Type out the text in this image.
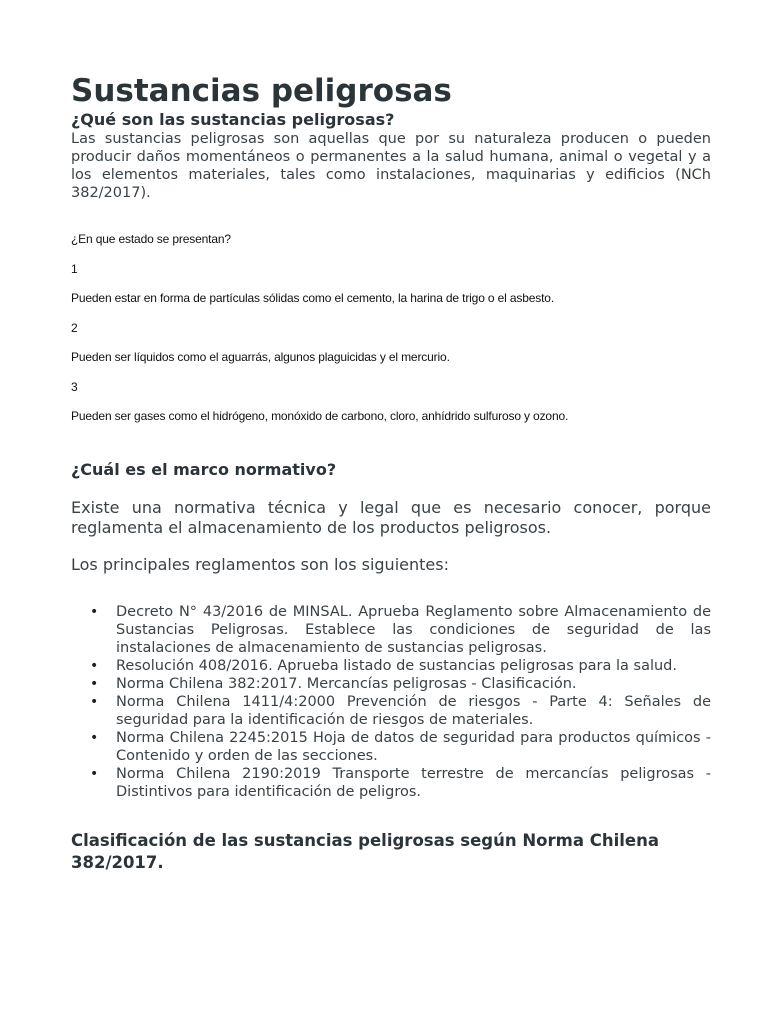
Sustancias peligrosas
¿Qué son las sustancias peligrosas?

Las sustancias peligrosas son aquellas que por su naturaleza producen o pueden producir daños momentáneos o permanentes a la salud humana, animal o vegetal y a los elementos materiales, tales como instalaciones, maquinarias y edificios (NCh 382/2017).

¿En que estado se presentan?

1

Pueden estar en forma de partículas sólidas como el cemento, la harina de trigo o el asbesto.

2

Pueden ser líquidos como el aguarrás, algunos plaguicidas y el mercurio.

3

Pueden ser gases como el hidrógeno, monóxido de carbono, cloro, anhídrido sulfuroso y ozono.

¿Cuál es el marco normativo?

Existe una normativa técnica y legal que es necesario conocer, porque reglamenta el almacenamiento de los productos peligrosos.

Los principales reglamentos son los siguientes:

• Decreto N° 43/2016 de MINSAL. Aprueba Reglamento sobre Almacenamiento de Sustancias Peligrosas. Establece las condiciones de seguridad de las instalaciones de almacenamiento de sustancias peligrosas.
• Resolución 408/2016. Aprueba listado de sustancias peligrosas para la salud.
• Norma Chilena 382:2017. Mercancías peligrosas - Clasificación.
• Norma Chilena 1411/4:2000 Prevención de riesgos - Parte 4: Señales de seguridad para la identificación de riesgos de materiales.
• Norma Chilena 2245:2015 Hoja de datos de seguridad para productos químicos - Contenido y orden de las secciones.
• Norma Chilena 2190:2019 Transporte terrestre de mercancías peligrosas - Distintivos para identificación de peligros.
Clasificación de las sustancias peligrosas según Norma Chilena 382/2017.
